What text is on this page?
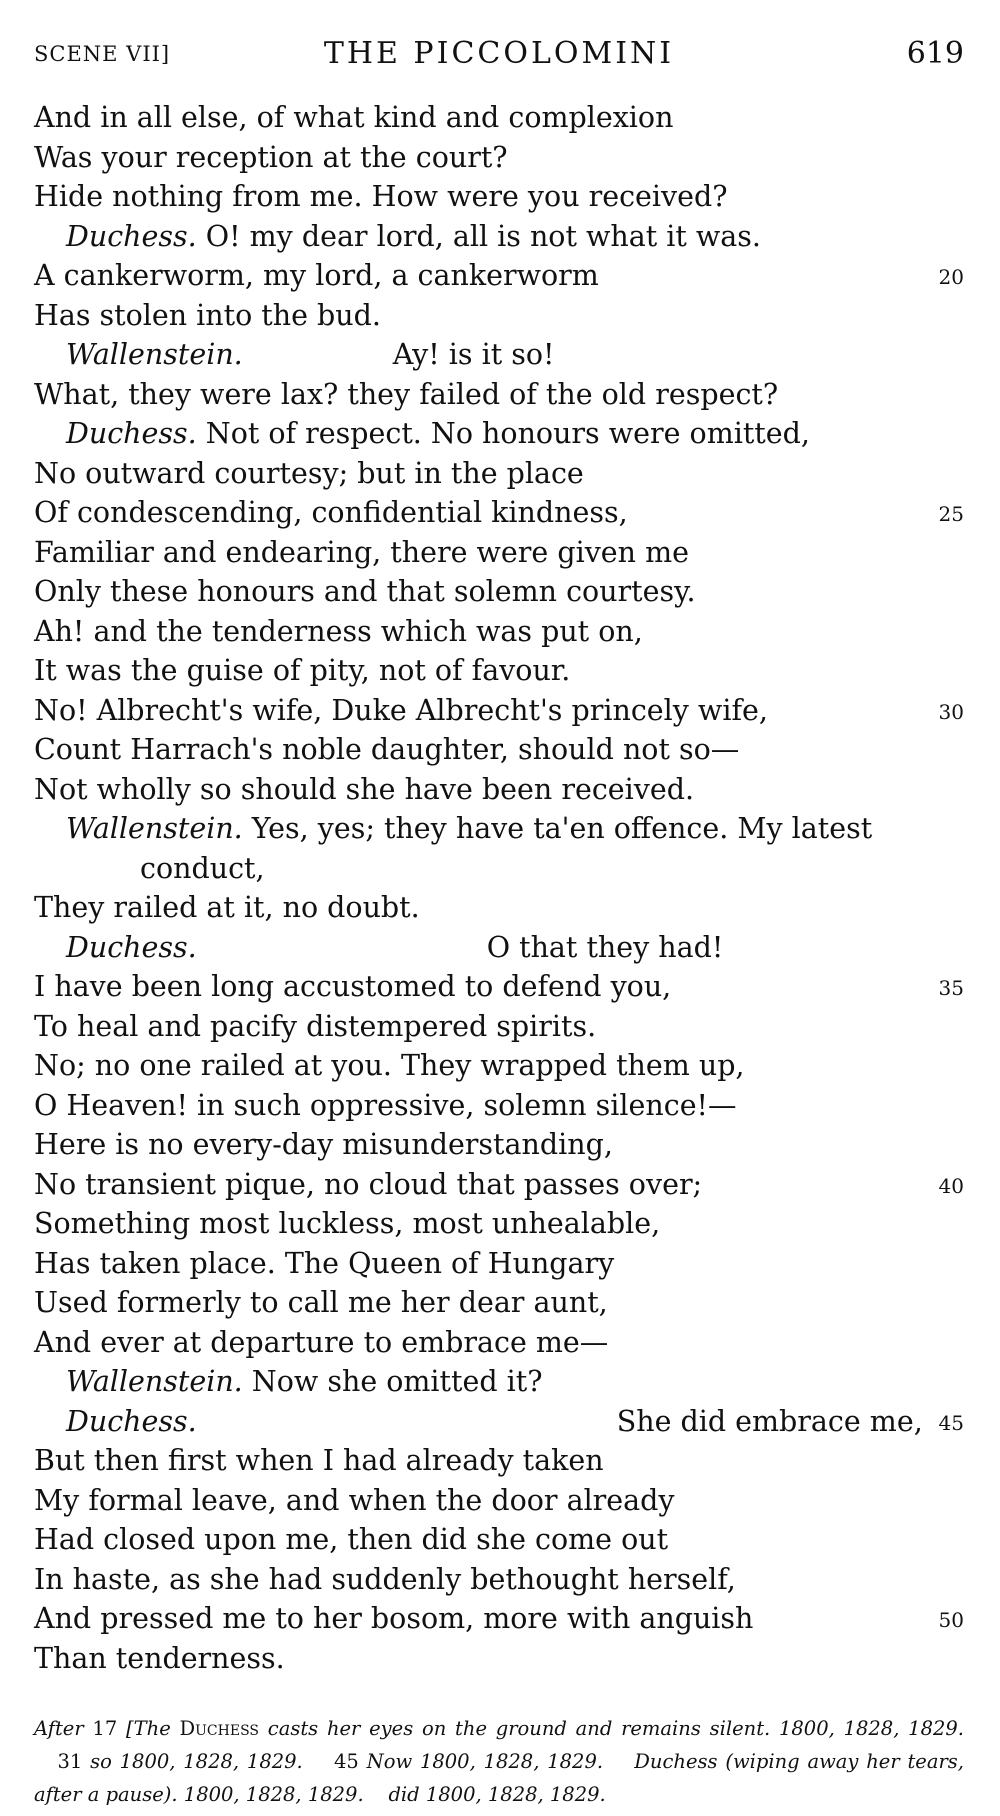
SCENE VII]	THE PICCOLOMINI	619
And in all else, of what kind and complexion
Was your reception at the court?
Hide nothing from me. How were you received?
Duchess. O! my dear lord, all is not what it was.
A cankerworm, my lord, a cankerworm	20
Has stolen into the bud.
Wallenstein.	Ay! is it so!
What, they were lax? they failed of the old respect?
Duchess. Not of respect. No honours were omitted,
No outward courtesy; but in the place
Of condescending, confidential kindness,	25
Familiar and endearing, there were given me
Only these honours and that solemn courtesy.
Ah! and the tenderness which was put on,
It was the guise of pity, not of favour.
No! Albrecht's wife, Duke Albrecht's princely wife,	30
Count Harrach's noble daughter, should not so—
Not wholly so should she have been received.
Wallenstein. Yes, yes; they have ta'en offence. My latest
conduct,
They railed at it, no doubt.
Duchess.	O that they had!
I have been long accustomed to defend you,	35
To heal and pacify distempered spirits.
No; no one railed at you. They wrapped them up,
O Heaven! in such oppressive, solemn silence!—
Here is no every-day misunderstanding,
No transient pique, no cloud that passes over;	40
Something most luckless, most unhealable,
Has taken place. The Queen of Hungary
Used formerly to call me her dear aunt,
And ever at departure to embrace me—
Wallenstein. Now she omitted it?
Duchess.	She did embrace me, 45
But then first when I had already taken
My formal leave, and when the door already
Had closed upon me, then did she come out
In haste, as she had suddenly bethought herself,
And pressed me to her bosom, more with anguish	50
Than tenderness.
After 17 [The Duchess casts her eyes on the ground and remains silent. 1800, 1828, 1829.    31 so 1800, 1828, 1829. 45 Now 1800, 1828, 1829. Duchess (wiping away her tears, after a pause). 1800, 1828, 1829. did 1800, 1828, 1829.
